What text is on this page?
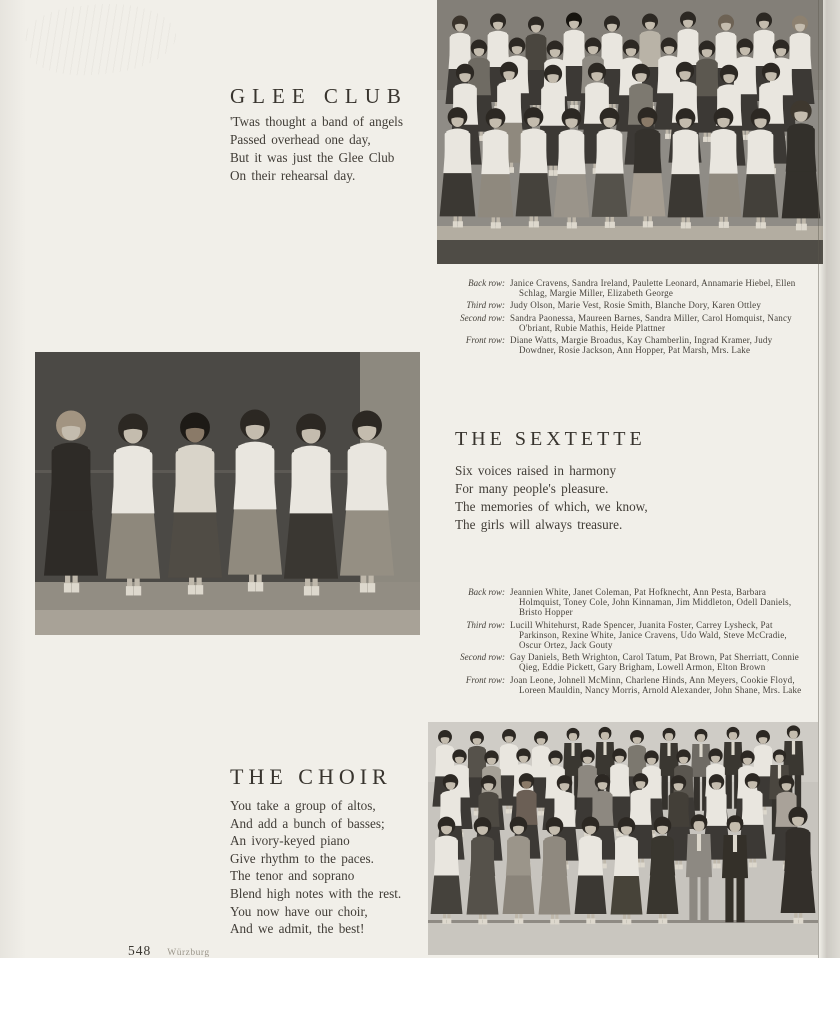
GLEE CLUB
'Twas thought a band of angels
Passed overhead one day,
But it was just the Glee Club
On their rehearsal day.
Back row: Janice Cravens, Sandra Ireland, Paulette Leonard, Annamarie Hiebel, Ellen Schlag, Margie Miller, Elizabeth George
Third row: Judy Olson, Marie Vest, Rosie Smith, Blanche Dory, Karen Ottley
Second row: Sandra Paonessa, Maureen Barnes, Sandra Miller, Carol Homquist, Nancy O'briant, Rubie Mathis, Heide Plattner
Front row: Diane Watts, Margie Broadus, Kay Chamberlin, Ingrad Kramer, Judy Dowdner, Rosie Jackson, Ann Hopper, Pat Marsh, Mrs. Lake
THE SEXTETTE
Six voices raised in harmony
For many people's pleasure.
The memories of which, we know,
The girls will always treasure.
Back row: Jeannien White, Janet Coleman, Pat Hofknecht, Ann Pesta, Barbara Holmquist, Toney Cole, John Kinnaman, Jim Middleton, Odell Daniels, Bristo Hopper
Third row: Lucill Whitehurst, Rade Spencer, Juanita Foster, Carrey Lysheck, Pat Parkinson, Rexine White, Janice Cravens, Udo Wald, Steve McCradie, Oscur Ortez, Jack Gouty
Second row: Gay Daniels, Beth Wrighton, Carol Tatum, Pat Brown, Pat Sherriatt, Connie Qieg, Eddie Pickett, Gary Brigham, Lowell Armon, Elton Brown
Front row: Joan Leone, Johnell McMinn, Charlene Hinds, Ann Meyers, Cookie Floyd, Loreen Mauldin, Nancy Morris, Arnold Alexander, John Shane, Mrs. Lake
THE CHOIR
You take a group of altos,
And add a bunch of basses;
An ivory-keyed piano
Give rhythm to the paces.
The tenor and soprano
Blend high notes with the rest.
You now have our choir,
And we admit, the best!
548 Würzburg
